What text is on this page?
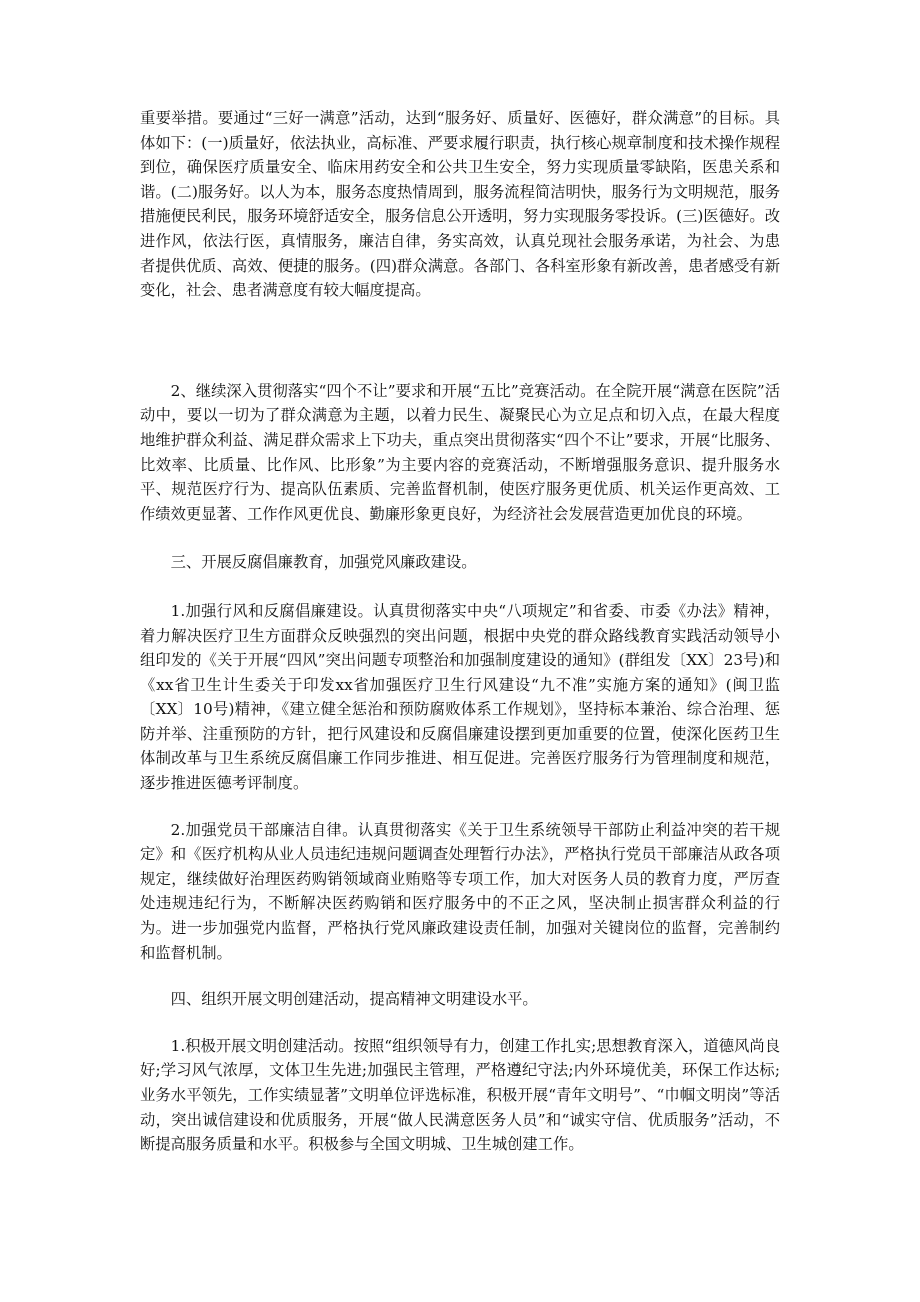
重要举措。要通过“三好一满意”活动，达到“服务好、质量好、医德好，群众满意”的目标。具体如下：(一)质量好，依法执业，高标准、严要求履行职责，执行核心规章制度和技术操作规程到位，确保医疗质量安全、临床用药安全和公共卫生安全，努力实现质量零缺陷，医患关系和谐。(二)服务好。以人为本，服务态度热情周到，服务流程简洁明快，服务行为文明规范，服务措施便民利民，服务环境舒适安全，服务信息公开透明，努力实现服务零投诉。(三)医德好。改进作风，依法行医，真情服务，廉洁自律，务实高效，认真兑现社会服务承诺，为社会、为患者提供优质、高效、便捷的服务。(四)群众满意。各部门、各科室形象有新改善，患者感受有新变化，社会、患者满意度有较大幅度提高。

2、继续深入贯彻落实“四个不让”要求和开展“五比”竞赛活动。在全院开展“满意在医院”活动中，要以一切为了群众满意为主题，以着力民生、凝聚民心为立足点和切入点，在最大程度地维护群众利益、满足群众需求上下功夫，重点突出贯彻落实“四个不让”要求，开展“比服务、比效率、比质量、比作风、比形象”为主要内容的竞赛活动，不断增强服务意识、提升服务水平、规范医疗行为、提高队伍素质、完善监督机制，使医疗服务更优质、机关运作更高效、工作绩效更显著、工作作风更优良、勤廉形象更良好，为经济社会发展营造更加优良的环境。

三、开展反腐倡廉教育，加强党风廉政建设。

1.加强行风和反腐倡廉建设。认真贯彻落实中央“八项规定”和省委、市委《办法》精神，着力解决医疗卫生方面群众反映强烈的突出问题，根据中央党的群众路线教育实践活动领导小组印发的《关于开展“四风”突出问题专项整治和加强制度建设的通知》(群组发〔XX〕23号)和《xx省卫生计生委关于印发xx省加强医疗卫生行风建设“九不准”实施方案的通知》(闽卫监〔XX〕10号)精神，《建立健全惩治和预防腐败体系工作规划》，坚持标本兼治、综合治理、惩防并举、注重预防的方针，把行风建设和反腐倡廉建设摆到更加重要的位置，使深化医药卫生体制改革与卫生系统反腐倡廉工作同步推进、相互促进。完善医疗服务行为管理制度和规范，逐步推进医德考评制度。

2.加强党员干部廉洁自律。认真贯彻落实《关于卫生系统领导干部防止利益冲突的若干规定》和《医疗机构从业人员违纪违规问题调查处理暂行办法》，严格执行党员干部廉洁从政各项规定，继续做好治理医药购销领域商业贿赂等专项工作，加大对医务人员的教育力度，严厉查处违规违纪行为，不断解决医药购销和医疗服务中的不正之风，坚决制止损害群众利益的行为。进一步加强党内监督，严格执行党风廉政建设责任制，加强对关键岗位的监督，完善制约和监督机制。

四、组织开展文明创建活动，提高精神文明建设水平。

1.积极开展文明创建活动。按照“组织领导有力，创建工作扎实;思想教育深入，道德风尚良好;学习风气浓厚，文体卫生先进;加强民主管理，严格遵纪守法;内外环境优美，环保工作达标;业务水平领先，工作实绩显著”文明单位评选标准，积极开展“青年文明号”、“巾帼文明岗”等活动，突出诚信建设和优质服务，开展“做人民满意医务人员”和“诚实守信、优质服务”活动，不断提高服务质量和水平。积极参与全国文明城、卫生城创建工作。
